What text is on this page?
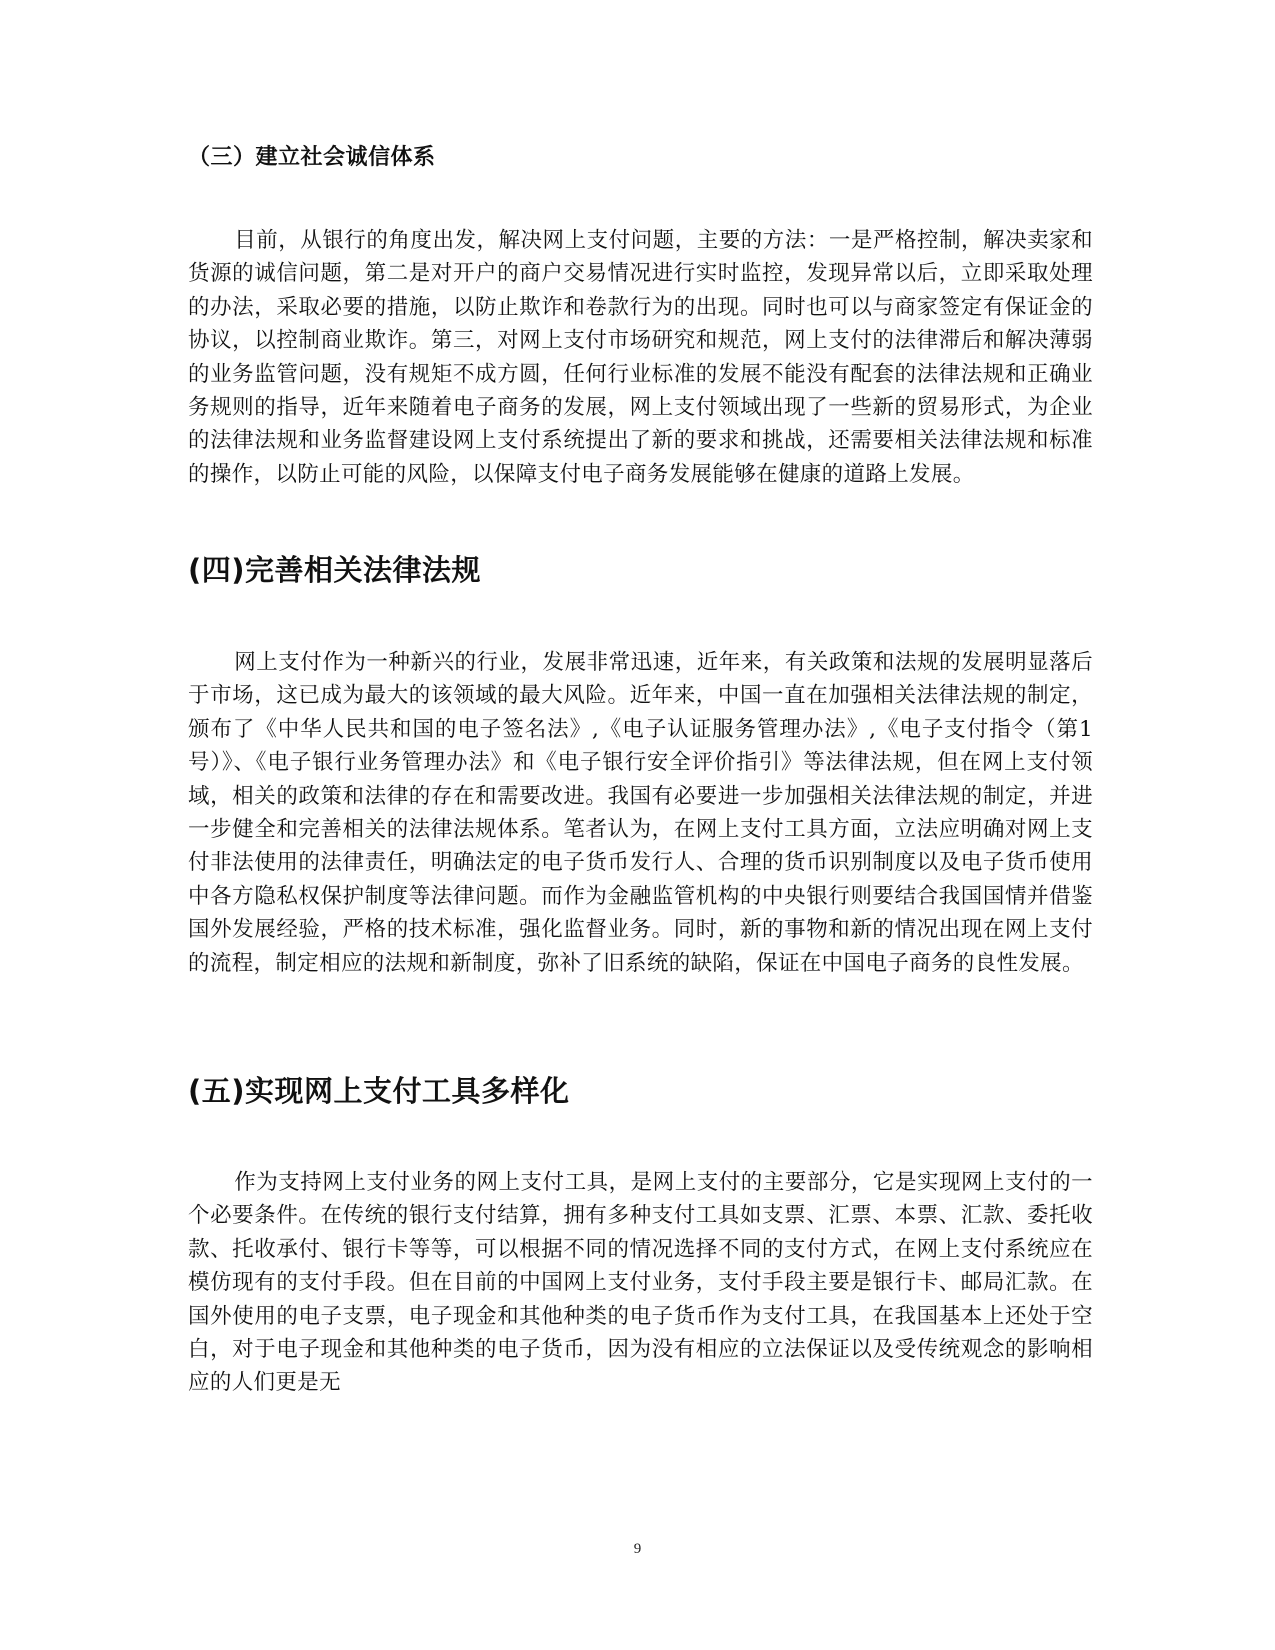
（三）建立社会诚信体系

目前，从银行的角度出发，解决网上支付问题，主要的方法：一是严格控制，解决卖家和货源的诚信问题，第二是对开户的商户交易情况进行实时监控，发现异常以后，立即采取处理的办法，采取必要的措施，以防止欺诈和卷款行为的出现。同时也可以与商家签定有保证金的协议，以控制商业欺诈。第三，对网上支付市场研究和规范，网上支付的法律滞后和解决薄弱的业务监管问题，没有规矩不成方圆，任何行业标准的发展不能没有配套的法律法规和正确业务规则的指导，近年来随着电子商务的发展，网上支付领域出现了一些新的贸易形式，为企业的法律法规和业务监督建设网上支付系统提出了新的要求和挑战，还需要相关法律法规和标准的操作，以防止可能的风险，以保障支付电子商务发展能够在健康的道路上发展。

(四)完善相关法律法规

网上支付作为一种新兴的行业，发展非常迅速，近年来，有关政策和法规的发展明显落后于市场，这已成为最大的该领域的最大风险。近年来，中国一直在加强相关法律法规的制定，颁布了《中华人民共和国的电子签名法》,《电子认证服务管理办法》,《电子支付指令（第1号）》、《电子银行业务管理办法》和《电子银行安全评价指引》等法律法规，但在网上支付领域，相关的政策和法律的存在和需要改进。我国有必要进一步加强相关法律法规的制定，并进一步健全和完善相关的法律法规体系。笔者认为，在网上支付工具方面，立法应明确对网上支付非法使用的法律责任，明确法定的电子货币发行人、合理的货币识别制度以及电子货币使用中各方隐私权保护制度等法律问题。而作为金融监管机构的中央银行则要结合我国国情并借鉴国外发展经验，严格的技术标准，强化监督业务。同时，新的事物和新的情况出现在网上支付的流程，制定相应的法规和新制度，弥补了旧系统的缺陷，保证在中国电子商务的良性发展。

(五)实现网上支付工具多样化

作为支持网上支付业务的网上支付工具，是网上支付的主要部分，它是实现网上支付的一个必要条件。在传统的银行支付结算，拥有多种支付工具如支票、汇票、本票、汇款、委托收款、托收承付、银行卡等等，可以根据不同的情况选择不同的支付方式，在网上支付系统应在模仿现有的支付手段。但在目前的中国网上支付业务，支付手段主要是银行卡、邮局汇款。在国外使用的电子支票，电子现金和其他种类的电子货币作为支付工具，在我国基本上还处于空白，对于电子现金和其他种类的电子货币，因为没有相应的立法保证以及受传统观念的影响相应的人们更是无

9
